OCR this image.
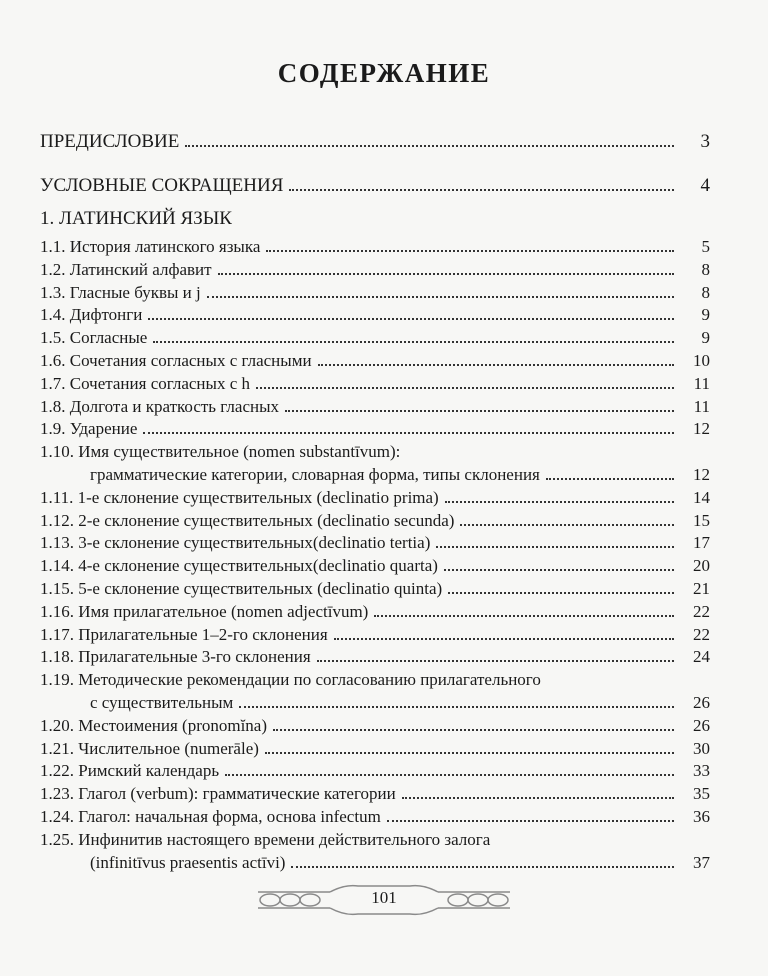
СОДЕРЖАНИЕ
ПРЕДИСЛОВИЕ	3
УСЛОВНЫЕ СОКРАЩЕНИЯ	4
1.1. История латинского языка	5
1.2. Латинский алфавит	8
1.3. Гласные буквы и j	8
1.4. Дифтонги	9
1.5. Согласные	9
1.6. Сочетания согласных с гласными	10
1.7. Сочетания согласных с h	11
1.8. Долгота и краткость гласных	11
1.9. Ударение	12
1.10. Имя существительное (nomen substantīvum):
грамматические категории, словарная форма, типы склонения	12
1.11. 1-е склонение существительных (declinatio prima)	14
1.12. 2-е склонение существительных (declinatio secunda)	15
1.13. 3-е склонение существительных(declinatio tertia)	17
1.14. 4-е склонение существительных(declinatio quarta)	20
1.15. 5-е склонение существительных (declinatio quinta)	21
1.16. Имя прилагательное (nomen adjectīvum)	22
1.17. Прилагательные 1–2-го склонения	22
1.18. Прилагательные 3-го склонения	24
1.19. Методические рекомендации по согласованию прилагательного
с существительным	26
1.20. Местоимения (pronomĭna)	26
1.21. Числительное (numerāle)	30
1.22. Римский календарь	33
1.23. Глагол (verbum): грамматические категории	35
1.24. Глагол: начальная форма, основа infectum	36
1.25. Инфинитив настоящего времени действительного залога
(infinitīvus praesentis actīvi)	37
1. ЛАТИНСКИЙ ЯЗЫК
101
